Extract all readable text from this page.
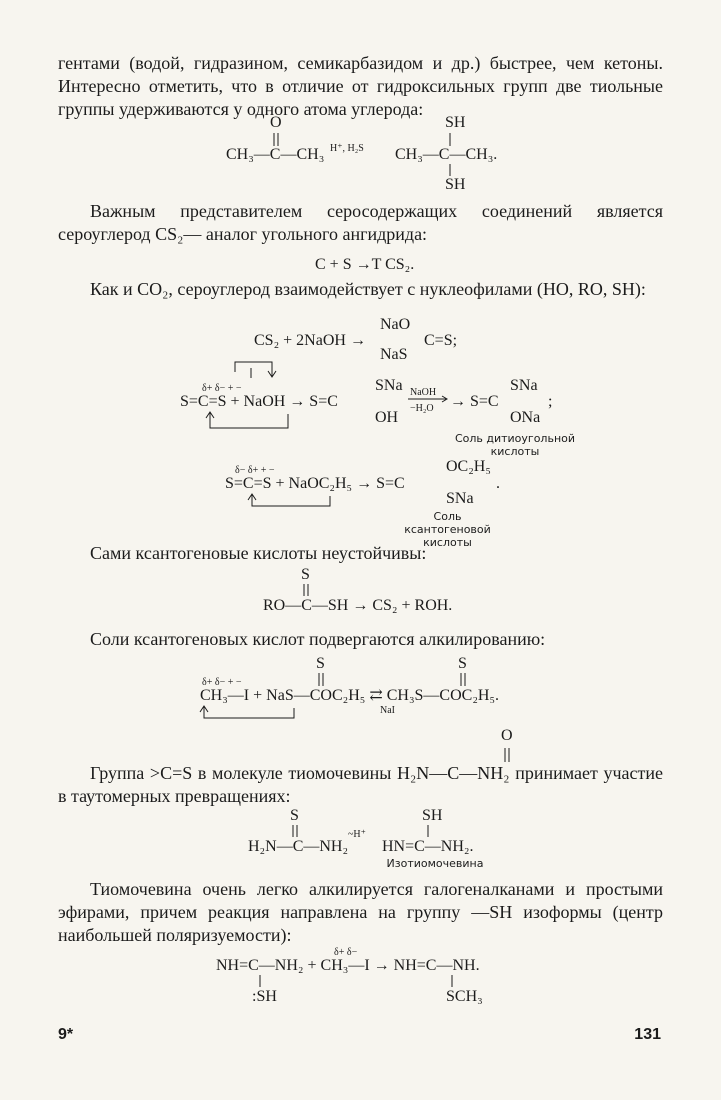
гентами (водой, гидразином, семикарбазидом и др.) быстрее, чем кетоны. Интересно отметить, что в отличие от гидроксильных групп две тиольные группы удерживаются у одного атома углерода:
O
CH₃—C—CH₃ H⁺, H₂S
SH
CH₃—C—CH₃.
SH
Важным представителем серосодержащих соединений является сероуглерод CS₂— аналог угольного ангидрида:
C + S →T CS₂.
Как и CO₂, сероуглерод взаимодействует с нуклеофилами (HO, RO, SH):
CS₂ + 2NaOH →
NaO
NaS
C=S;
δ+ δ− + −
S=C=S + NaOH → S=C
SNa
OH
NaOH
−H₂O → S=C
SNa
ONa
;
Соль дитиоугольной кислоты
δ− δ+ + −
S=C=S + NaOC₂H₅ → S=C
OC₂H₅
SNa
.
Соль ксантогеновой кислоты
Сами ксантогеновые кислоты неустойчивы:
S
RO—C—SH → CS₂ + ROH.
Соли ксантогеновых кислот подвергаются алкилированию:
S	S
δ+ δ− + −
CH₃—I + NaS—COC₂H₅ ⇄ CH₃S—COC₂H₅.
NaI
O
Группа >C=S в молекуле тиомочевины H₂N—C—NH₂ принимает участие в таутомерных превращениях:
S
H₂N—C—NH₂
~H⁺
SH
HN=C—NH₂.
Изотиомочевина
Тиомочевина очень легко алкилируется галогеналканами и простыми эфирами, причем реакция направлена на группу —SH изоформы (центр наибольшей поляризуемости):
δ+ δ−
NH=C—NH₂ + CH₃—I → NH=C—NH.
:SH	SCH₃
9*	131
